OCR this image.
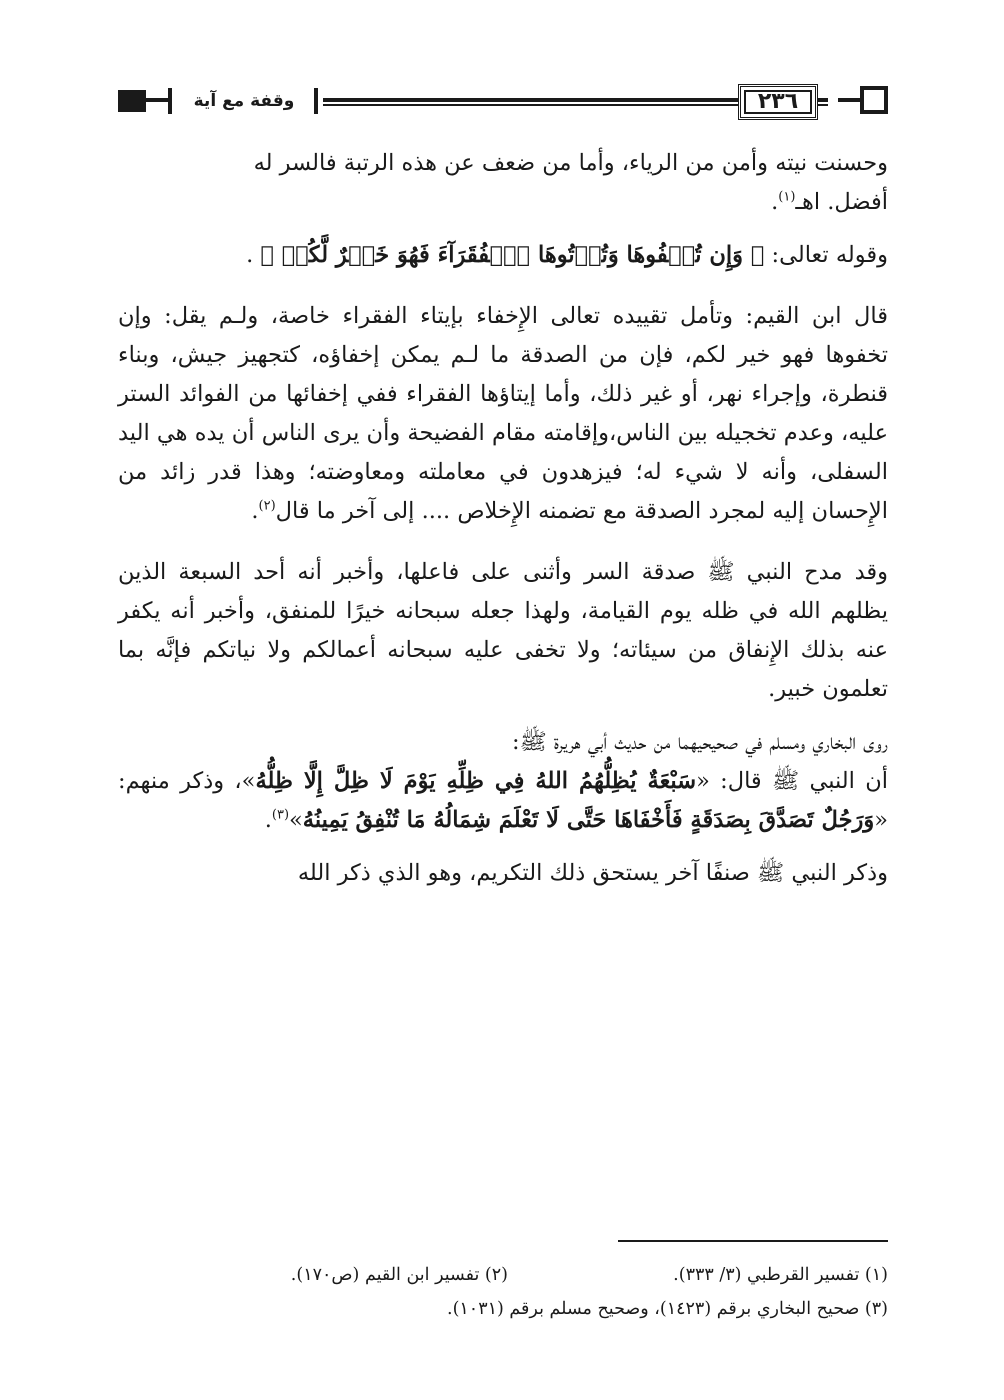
٢٣٦
وقفة مع آية

وحسنت نيته وأمن من الرياء، وأما من ضعف عن هذه الرتبة فالسر له
أفضل. اهـ$^{(١)}$.

وقوله تعالى: ﴿ وَإِن تُخۡفُوهَا وَتُؤۡتُوهَا ٱلۡفُقَرَآءَ فَهُوَ خَيۡرٌ لَّكُمۡ ﴾ .

قال ابن القيم: وتأمل تقييده تعالى الإِخفاء بإيتاء الفقراء خاصة، ولـم يقل: وإن تخفوها فهو خير لكم، فإن من الصدقة ما لـم يمكن إخفاؤه، كتجهيز جيش، وبناء قنطرة، وإجراء نهر، أو غير ذلك، وأما إيتاؤها الفقراء ففي إخفائها من الفوائد الستر عليه، وعدم تخجيله بين الناس،وإقامته مقام الفضيحة وأن يرى الناس أن يده هي اليد السفلى، وأنه لا شيء له؛ فيزهدون في معاملته ومعاوضته؛ وهذا قدر زائد من الإِحسان إليه لمجرد الصدقة مع تضمنه الإِخلاص .... إلى آخر ما قال$^{(٢)}$.

وقد مدح النبي ﷺ صدقة السر وأثنى على فاعلها، وأخبر أنه أحد السبعة الذين يظلهم الله في ظله يوم القيامة، ولهذا جعله سبحانه خيرًا للمنفق، وأخبر أنه يكفر عنه بذلك الإِنفاق من سيئاته؛ ولا تخفى عليه سبحانه أعمالكم ولا نياتكم فإنَّه بما تعلمون خبير.

روى البخاري ومسلم في صحيحيهما من حديث أبي هريرة ﷺ:
أن النبي ﷺ قال: «سَبْعَةٌ يُظِلُّهُمُ اللهُ فِي ظِلِّهِ يَوْمَ لَا ظِلَّ إِلَّا ظِلُّهُ»، وذكر منهم: «وَرَجُلٌ تَصَدَّقَ بِصَدَقَةٍ فَأَخْفَاهَا حَتَّى لَا تَعْلَمَ شِمَالُهُ مَا تُنْفِقُ يَمِينُهُ»$^{(٣)}$.

وذكر النبي ﷺ صنفًا آخر يستحق ذلك التكريم، وهو الذي ذكر الله

(١) تفسير القرطبي (٣/ ٣٣٣).
(٢) تفسير ابن القيم (ص١٧٠).
(٣) صحيح البخاري برقم (١٤٢٣)، وصحيح مسلم برقم (١٠٣١).
